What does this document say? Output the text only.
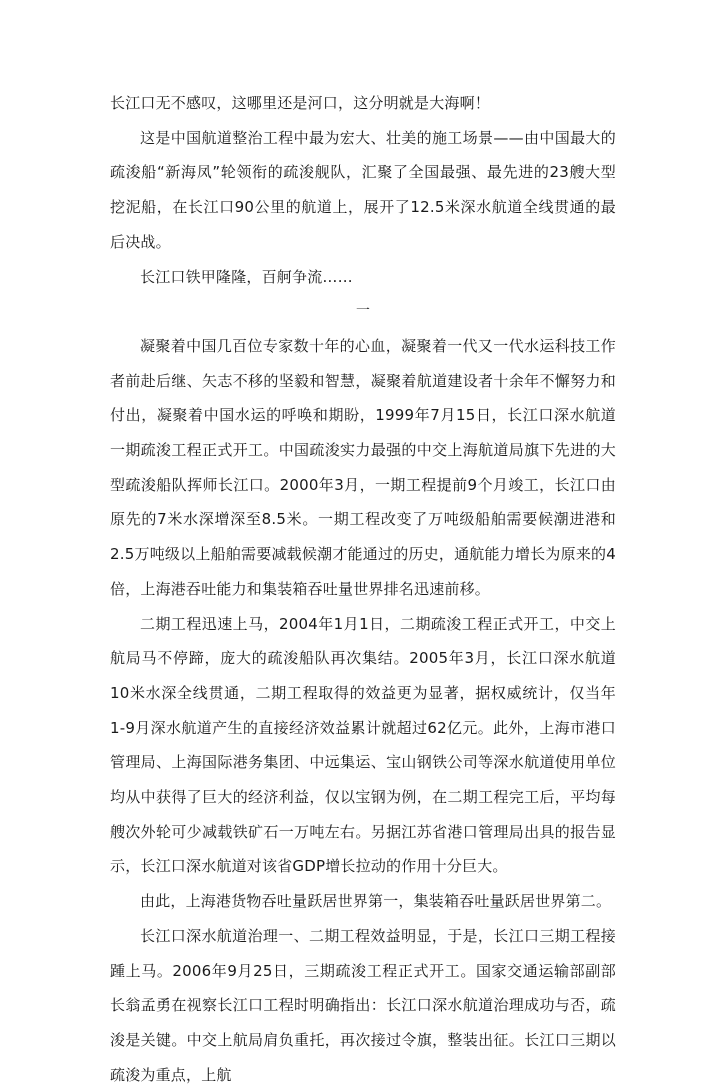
长江口无不感叹，这哪里还是河口，这分明就是大海啊！

这是中国航道整治工程中最为宏大、壮美的施工场景——由中国最大的疏浚船“新海凤”轮领衔的疏浚舰队，汇聚了全国最强、最先进的23艘大型挖泥船，在长江口90公里的航道上，展开了12.5米深水航道全线贯通的最后决战。

长江口铁甲隆隆，百舸争流……

一

凝聚着中国几百位专家数十年的心血，凝聚着一代又一代水运科技工作者前赴后继、矢志不移的坚毅和智慧，凝聚着航道建设者十余年不懈努力和付出，凝聚着中国水运的呼唤和期盼，1999年7月15日，长江口深水航道一期疏浚工程正式开工。中国疏浚实力最强的中交上海航道局旗下先进的大型疏浚船队挥师长江口。2000年3月，一期工程提前9个月竣工，长江口由原先的7米水深增深至8.5米。一期工程改变了万吨级船舶需要候潮进港和2.5万吨级以上船舶需要减载候潮才能通过的历史，通航能力增长为原来的4倍，上海港吞吐能力和集装箱吞吐量世界排名迅速前移。

二期工程迅速上马，2004年1月1日，二期疏浚工程正式开工，中交上航局马不停蹄，庞大的疏浚船队再次集结。2005年3月，长江口深水航道10米水深全线贯通，二期工程取得的效益更为显著，据权威统计，仅当年1-9月深水航道产生的直接经济效益累计就超过62亿元。此外，上海市港口管理局、上海国际港务集团、中远集运、宝山钢铁公司等深水航道使用单位均从中获得了巨大的经济利益，仅以宝钢为例，在二期工程完工后，平均每艘次外轮可少减载铁矿石一万吨左右。另据江苏省港口管理局出具的报告显示，长江口深水航道对该省GDP增长拉动的作用十分巨大。

由此，上海港货物吞吐量跃居世界第一，集装箱吞吐量跃居世界第二。

长江口深水航道治理一、二期工程效益明显，于是，长江口三期工程接踵上马。2006年9月25日，三期疏浚工程正式开工。国家交通运输部副部长翁孟勇在视察长江口工程时明确指出：长江口深水航道治理成功与否，疏浚是关键。中交上航局肩负重托，再次接过令旗，整装出征。长江口三期以疏浚为重点，上航
